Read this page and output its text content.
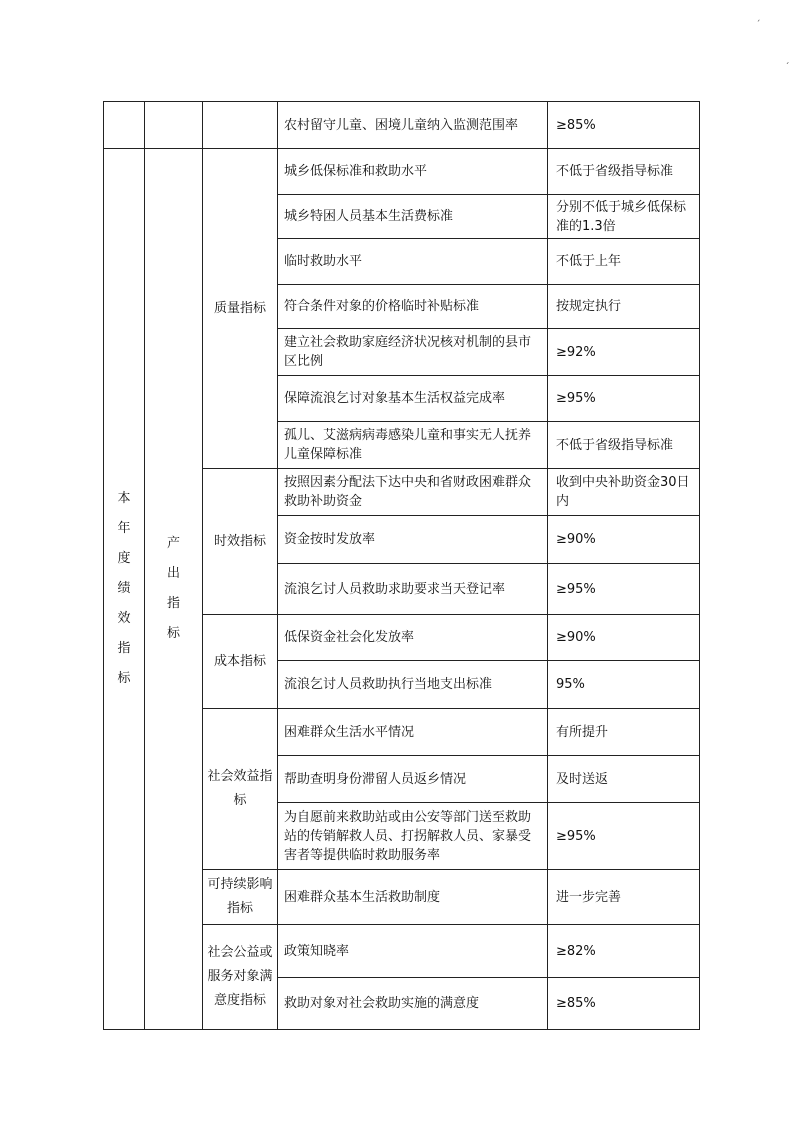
ˊ
ˏ
			农村留守儿童、困境儿童纳入监测范围率	≥85%
本年度绩效指标	产出指标	质量指标	城乡低保标准和救助水平	不低于省级指导标准
			城乡特困人员基本生活费标准	分别不低于城乡低保标准的1.3倍
			临时救助水平	不低于上年
			符合条件对象的价格临时补贴标准	按规定执行
			建立社会救助家庭经济状况核对机制的县市区比例	≥92%
			保障流浪乞讨对象基本生活权益完成率	≥95%
			孤儿、艾滋病病毒感染儿童和事实无人抚养儿童保障标准	不低于省级指导标准
		时效指标	按照因素分配法下达中央和省财政困难群众救助补助资金	收到中央补助资金30日内
			资金按时发放率	≥90%
			流浪乞讨人员救助求助要求当天登记率	≥95%
		成本指标	低保资金社会化发放率	≥90%
			流浪乞讨人员救助执行当地支出标准	95%
		社会效益指标	困难群众生活水平情况	有所提升
			帮助查明身份滞留人员返乡情况	及时送返
			为自愿前来救助站或由公安等部门送至救助站的传销解救人员、打拐解救人员、家暴受害者等提供临时救助服务率	≥95%
		可持续影响指标	困难群众基本生活救助制度	进一步完善
		社会公益或服务对象满意度指标	政策知晓率	≥82%
			救助对象对社会救助实施的满意度	≥85%
